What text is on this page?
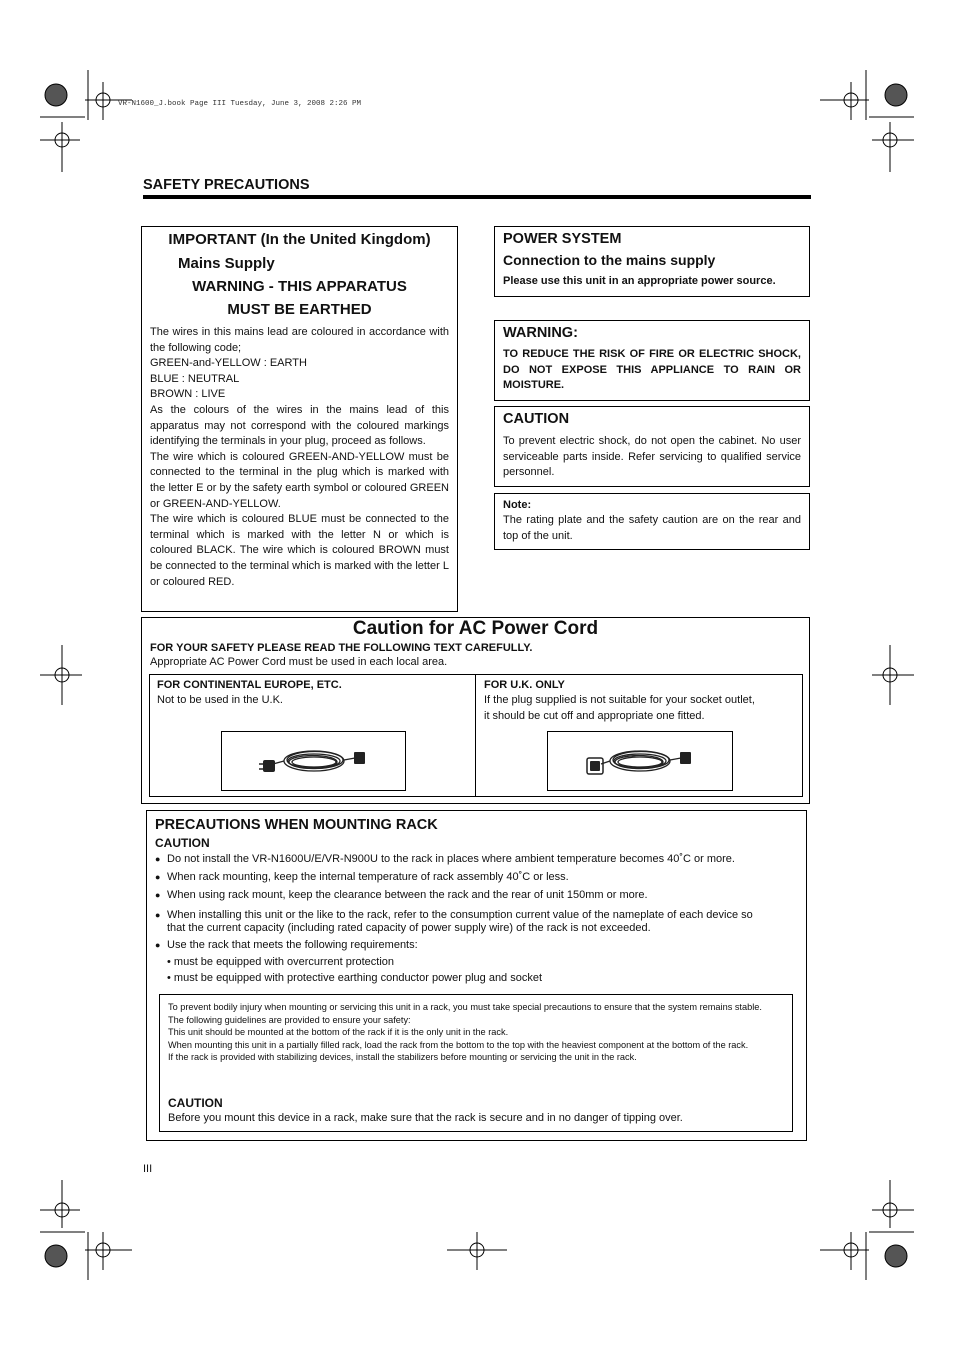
VR-N1600_J.book Page III Tuesday, June 3, 2008 2:26 PM
SAFETY PRECAUTIONS
IMPORTANT (In the United Kingdom)
Mains Supply
WARNING - THIS APPARATUS
MUST BE EARTHED
The wires in this mains lead are coloured in accordance with the following code;
GREEN-and-YELLOW : EARTH
BLUE : NEUTRAL
BROWN : LIVE
As the colours of the wires in the mains lead of this apparatus may not correspond with the coloured markings identifying the terminals in your plug, proceed as follows.
The wire which is coloured GREEN-AND-YELLOW must be connected to the terminal in the plug which is marked with the letter E or by the safety earth symbol or coloured GREEN or GREEN-AND-YELLOW.
The wire which is coloured BLUE must be connected to the terminal which is marked with the letter N or which is coloured BLACK. The wire which is coloured BROWN must be connected to the terminal which is marked with the letter L or coloured RED.
POWER SYSTEM
Connection to the mains supply
Please use this unit in an appropriate power source.
WARNING:
TO REDUCE THE RISK OF FIRE OR ELECTRIC SHOCK, DO NOT EXPOSE THIS APPLIANCE TO RAIN OR MOISTURE.
CAUTION
To prevent electric shock, do not open the cabinet. No user serviceable parts inside. Refer servicing to qualified service personnel.
Note:
The rating plate and the safety caution are on the rear and top of the unit.
Caution for AC Power Cord
FOR YOUR SAFETY PLEASE READ THE FOLLOWING TEXT CAREFULLY.
Appropriate AC Power Cord must be used in each local area.
FOR CONTINENTAL EUROPE, ETC.
Not to be used in the U.K.
FOR U.K. ONLY
If the plug supplied is not suitable for your socket outlet,
it should be cut off and appropriate one fitted.
PRECAUTIONS WHEN MOUNTING RACK
CAUTION
● Do not install the VR-N1600U/E/VR-N900U to the rack in places where ambient temperature becomes 40˚C or more.
● When rack mounting, keep the internal temperature of rack assembly 40˚C or less.
● When using rack mount, keep the clearance between the rack and the rear of unit 150mm or more.
● When installing this unit or the like to the rack, refer to the consumption current value of the nameplate of each device so that the current capacity (including rated capacity of power supply wire) of the rack is not exceeded.
● Use the rack that meets the following requirements:
• must be equipped with overcurrent protection
• must be equipped with protective earthing conductor power plug and socket
To prevent bodily injury when mounting or servicing this unit in a rack, you must take special precautions to ensure that the system remains stable.
The following guidelines are provided to ensure your safety:
This unit should be mounted at the bottom of the rack if it is the only unit in the rack.
When mounting this unit in a partially filled rack, load the rack from the bottom to the top with the heaviest component at the bottom of the rack.
If the rack is provided with stabilizing devices, install the stabilizers before mounting or servicing the unit in the rack.
CAUTION
Before you mount this device in a rack, make sure that the rack is secure and in no danger of tipping over.
III
